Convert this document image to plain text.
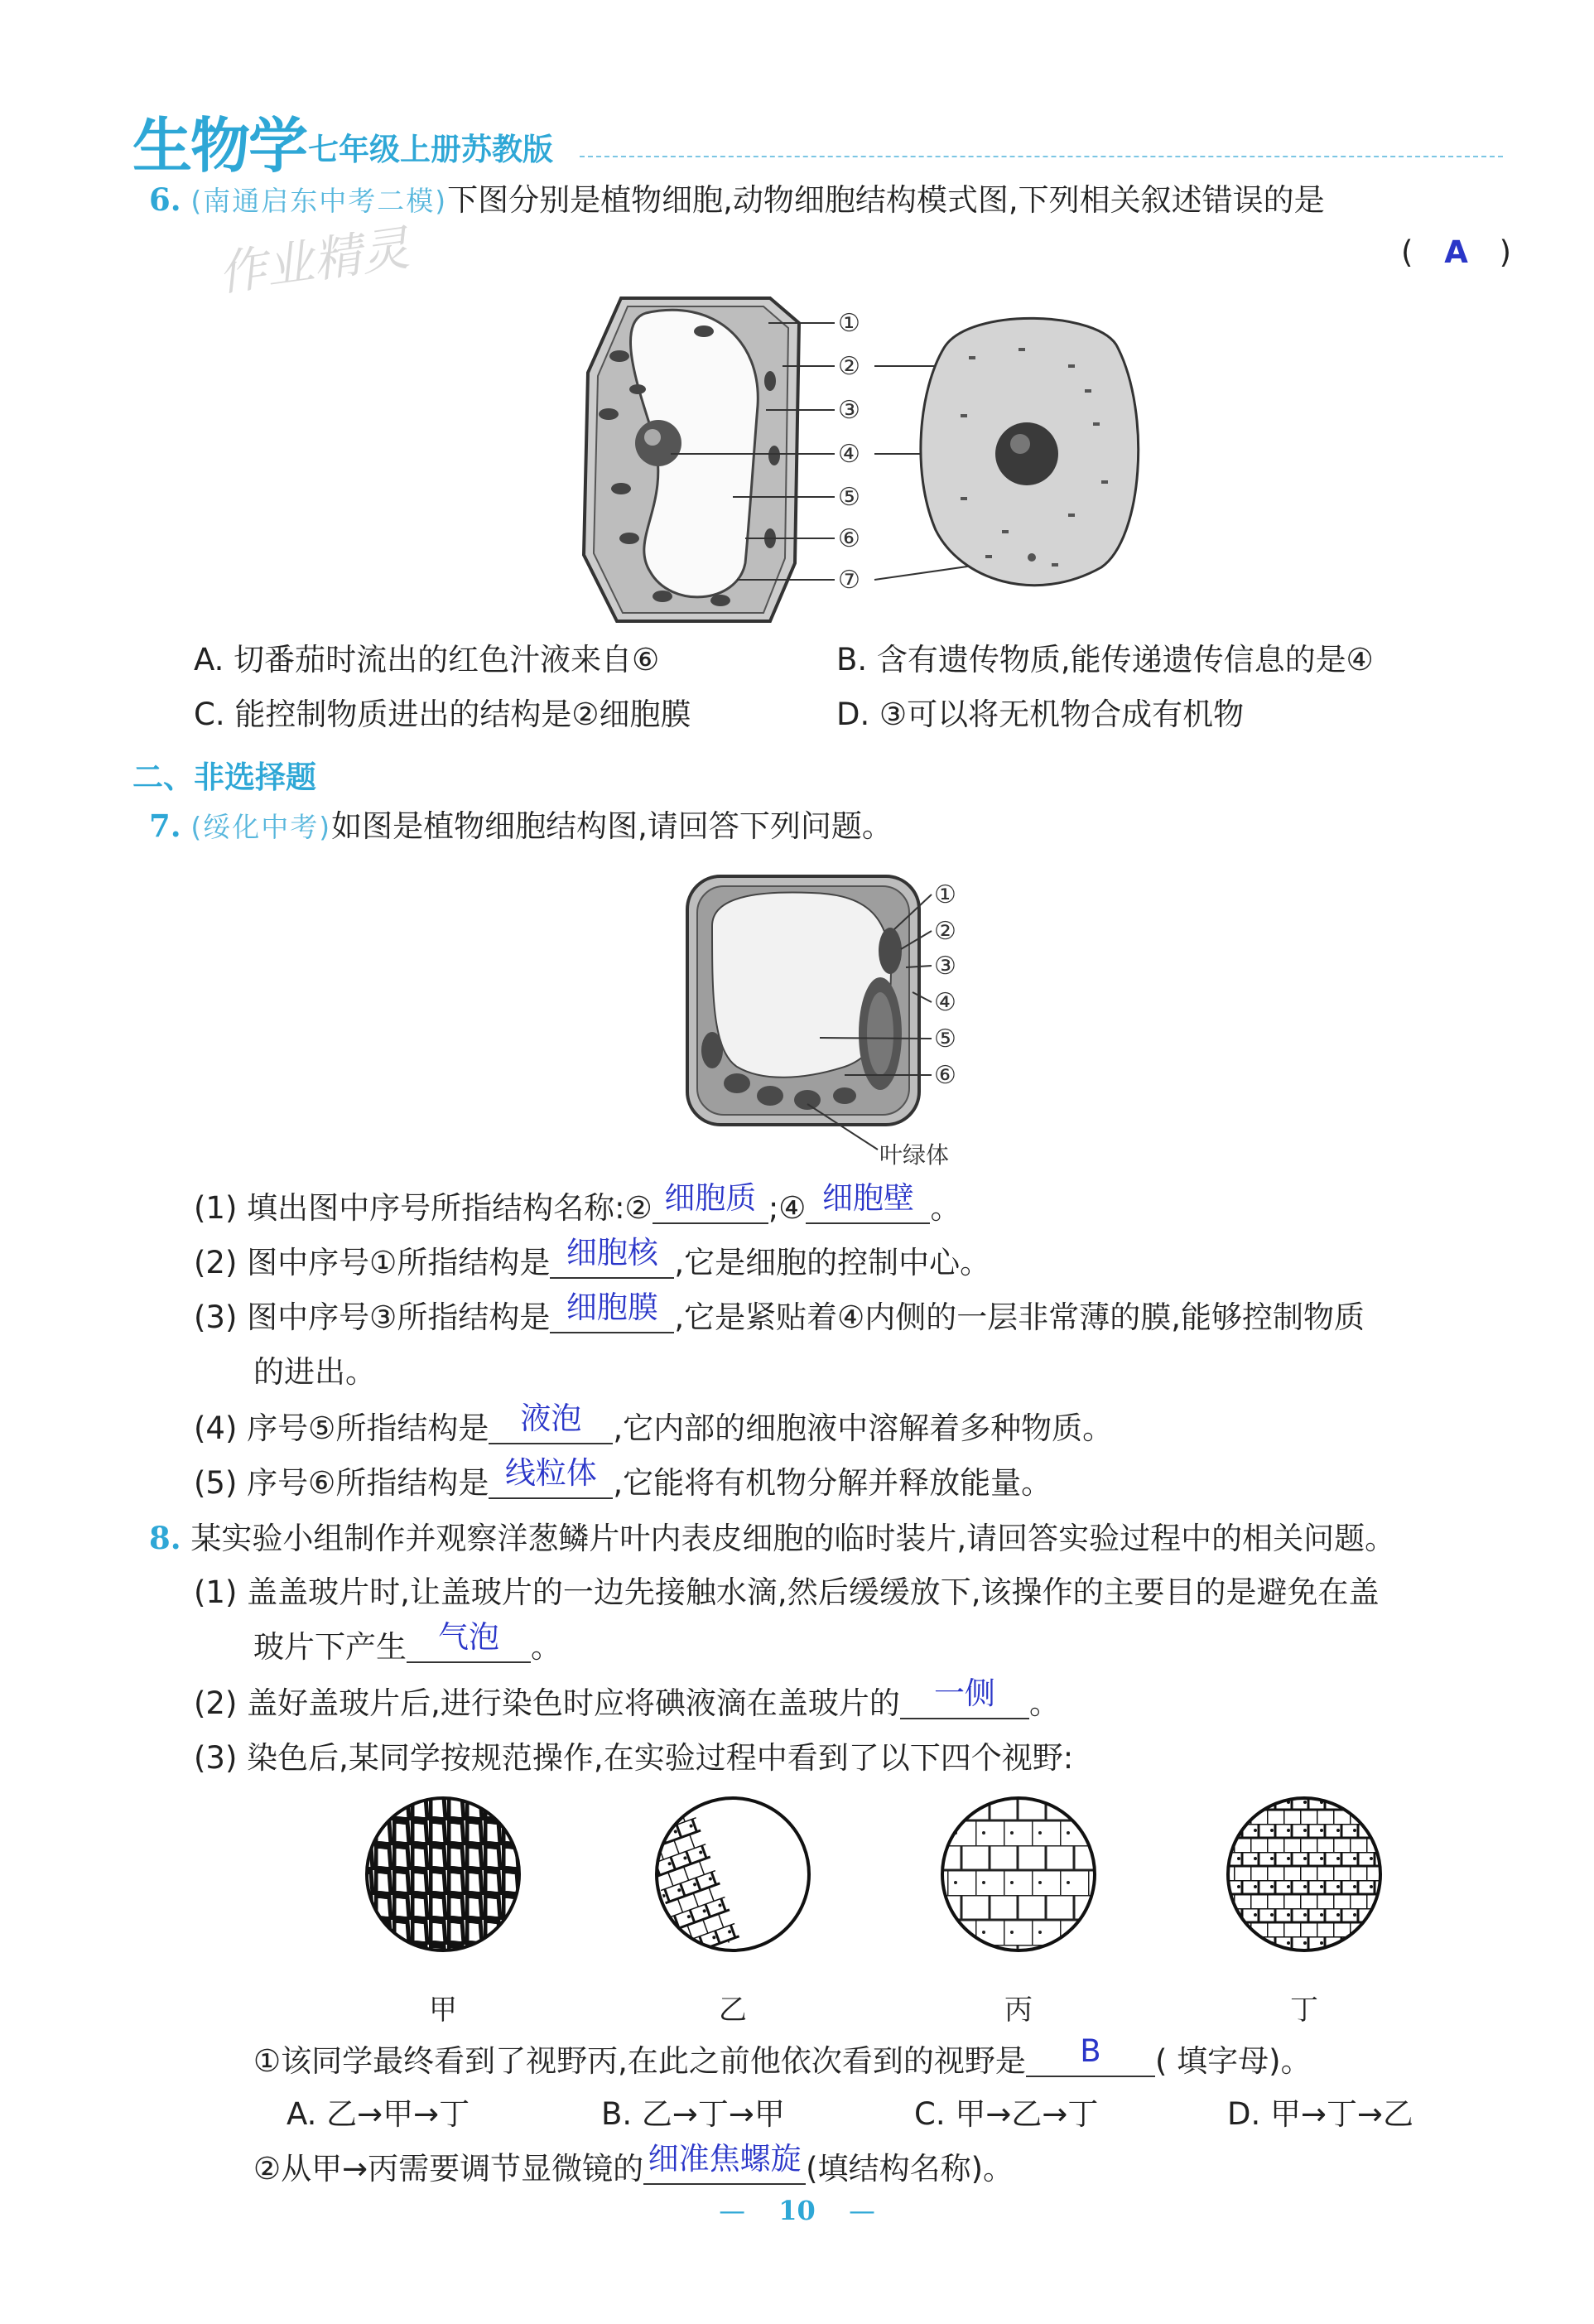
生物学 七年级上册苏教版
作业精灵
6. (南通启东中考二模)下图分别是植物细胞,动物细胞结构模式图,下列相关叙述错误的是
( A )
①
②
③
④
⑤
⑥
⑦
A. 切番茄时流出的红色汁液来自⑥	B. 含有遗传物质,能传递遗传信息的是④
C. 能控制物质进出的结构是②细胞膜	D. ③可以将无机物合成有机物
二、非选择题
7. (绥化中考)如图是植物细胞结构图,请回答下列问题。
①
②
③
④
⑤
⑥
叶绿体
(1) 填出图中序号所指结构名称:② 细胞质 ;④ 细胞壁 。
(2) 图中序号①所指结构是 细胞核 ,它是细胞的控制中心。
(3) 图中序号③所指结构是 细胞膜 ,它是紧贴着④内侧的一层非常薄的膜,能够控制物质
的进出。
(4) 序号⑤所指结构是 液泡 ,它内部的细胞液中溶解着多种物质。
(5) 序号⑥所指结构是 线粒体 ,它能将有机物分解并释放能量。
8. 某实验小组制作并观察洋葱鳞片叶内表皮细胞的临时装片,请回答实验过程中的相关问题。
(1) 盖盖玻片时,让盖玻片的一边先接触水滴,然后缓缓放下,该操作的主要目的是避免在盖
玻片下产生 气泡 。
(2) 盖好盖玻片后,进行染色时应将碘液滴在盖玻片的 一侧 。
(3) 染色后,某同学按规范操作,在实验过程中看到了以下四个视野:
甲	乙	丙	丁
①该同学最终看到了视野丙,在此之前他依次看到的视野是 B ( 填字母)。
A. 乙→甲→丁	B. 乙→丁→甲	C. 甲→乙→丁	D. 甲→丁→乙
②从甲→丙需要调节显微镜的 细准焦螺旋 (填结构名称)。
— 10 —
